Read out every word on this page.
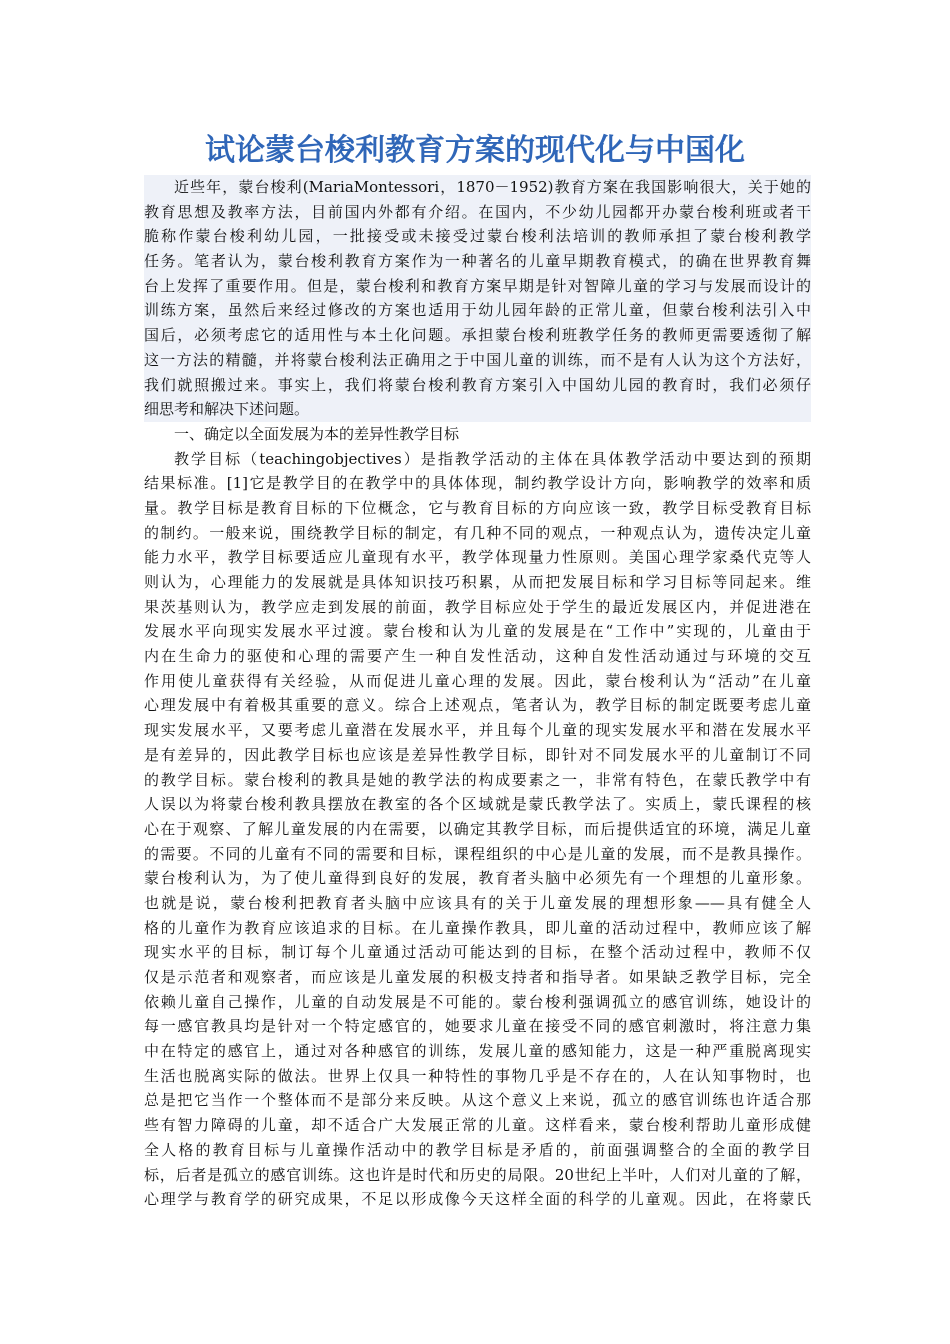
试论蒙台梭利教育方案的现代化与中国化
近些年，蒙台梭利(MariaMontessori，1870－1952)教育方案在我国影响很大，关于她的
教育思想及教率方法，目前国内外都有介绍。在国内，不少幼儿园都开办蒙台梭利班或者干
脆称作蒙台梭利幼儿园，一批接受或未接受过蒙台梭利法培训的教师承担了蒙台梭利教学
任务。笔者认为，蒙台梭利教育方案作为一种著名的儿童早期教育模式，的确在世界教育舞
台上发挥了重要作用。但是，蒙台梭利和教育方案早期是针对智障儿童的学习与发展而设计的
训练方案，虽然后来经过修改的方案也适用于幼儿园年龄的正常儿童，但蒙台梭利法引入中
国后，必须考虑它的适用性与本土化问题。承担蒙台梭利班教学任务的教师更需要透彻了解
这一方法的精髓，并将蒙台梭利法正确用之于中国儿童的训练，而不是有人认为这个方法好，
我们就照搬过来。事实上，我们将蒙台梭利教育方案引入中国幼儿园的教育时，我们必须仔
细思考和解决下述问题。
一、确定以全面发展为本的差异性教学目标
教学目标（teachingobjectives）是指教学活动的主体在具体教学活动中要达到的预期
结果标准。[1]它是教学目的在教学中的具体体现，制约教学设计方向，影响教学的效率和质
量。教学目标是教育目标的下位概念，它与教育目标的方向应该一致，教学目标受教育目标
的制约。一般来说，围绕教学目标的制定，有几种不同的观点，一种观点认为，遗传决定儿童
能力水平，教学目标要适应儿童现有水平，教学体现量力性原则。美国心理学家桑代克等人
则认为，心理能力的发展就是具体知识技巧积累，从而把发展目标和学习目标等同起来。维
果茨基则认为，教学应走到发展的前面，教学目标应处于学生的最近发展区内，并促进港在
发展水平向现实发展水平过渡。蒙台梭和认为儿童的发展是在“工作中”实现的，儿童由于
内在生命力的驱使和心理的需要产生一种自发性活动，这种自发性活动通过与环境的交互
作用使儿童获得有关经验，从而促进儿童心理的发展。因此，蒙台梭利认为“活动”在儿童
心理发展中有着极其重要的意义。综合上述观点，笔者认为，教学目标的制定既要考虑儿童
现实发展水平，又要考虑儿童潜在发展水平，并且每个儿童的现实发展水平和潜在发展水平
是有差异的，因此教学目标也应该是差异性教学目标，即针对不同发展水平的儿童制订不同
的教学目标。蒙台梭利的教具是她的教学法的构成要素之一，非常有特色，在蒙氏教学中有
人误以为将蒙台梭利教具摆放在教室的各个区域就是蒙氏教学法了。实质上，蒙氏课程的核
心在于观察、了解儿童发展的内在需要，以确定其教学目标，而后提供适宜的环境，满足儿童
的需要。不同的儿童有不同的需要和目标，课程组织的中心是儿童的发展，而不是教具操作。
蒙台梭利认为，为了使儿童得到良好的发展，教育者头脑中必须先有一个理想的儿童形象。
也就是说，蒙台梭利把教育者头脑中应该具有的关于儿童发展的理想形象——具有健全人
格的儿童作为教育应该追求的目标。在儿童操作教具，即儿童的活动过程中，教师应该了解
现实水平的目标，制订每个儿童通过活动可能达到的目标，在整个活动过程中，教师不仅
仅是示范者和观察者，而应该是儿童发展的积极支持者和指导者。如果缺乏教学目标，完全
依赖儿童自己操作，儿童的自动发展是不可能的。蒙台梭利强调孤立的感官训练，她设计的
每一感官教具均是针对一个特定感官的，她要求儿童在接受不同的感官刺激时，将注意力集
中在特定的感官上，通过对各种感官的训练，发展儿童的感知能力，这是一种严重脱离现实
生活也脱离实际的做法。世界上仅具一种特性的事物几乎是不存在的，人在认知事物时，也
总是把它当作一个整体而不是部分来反映。从这个意义上来说，孤立的感官训练也许适合那
些有智力障碍的儿童，却不适合广大发展正常的儿童。这样看来，蒙台梭利帮助儿童形成健
全人格的教育目标与儿童操作活动中的教学目标是矛盾的，前面强调整合的全面的教学目
标，后者是孤立的感官训练。这也许是时代和历史的局限。20世纪上半叶，人们对儿童的了解，
心理学与教育学的研究成果，不足以形成像今天这样全面的科学的儿童观。因此，在将蒙氏
